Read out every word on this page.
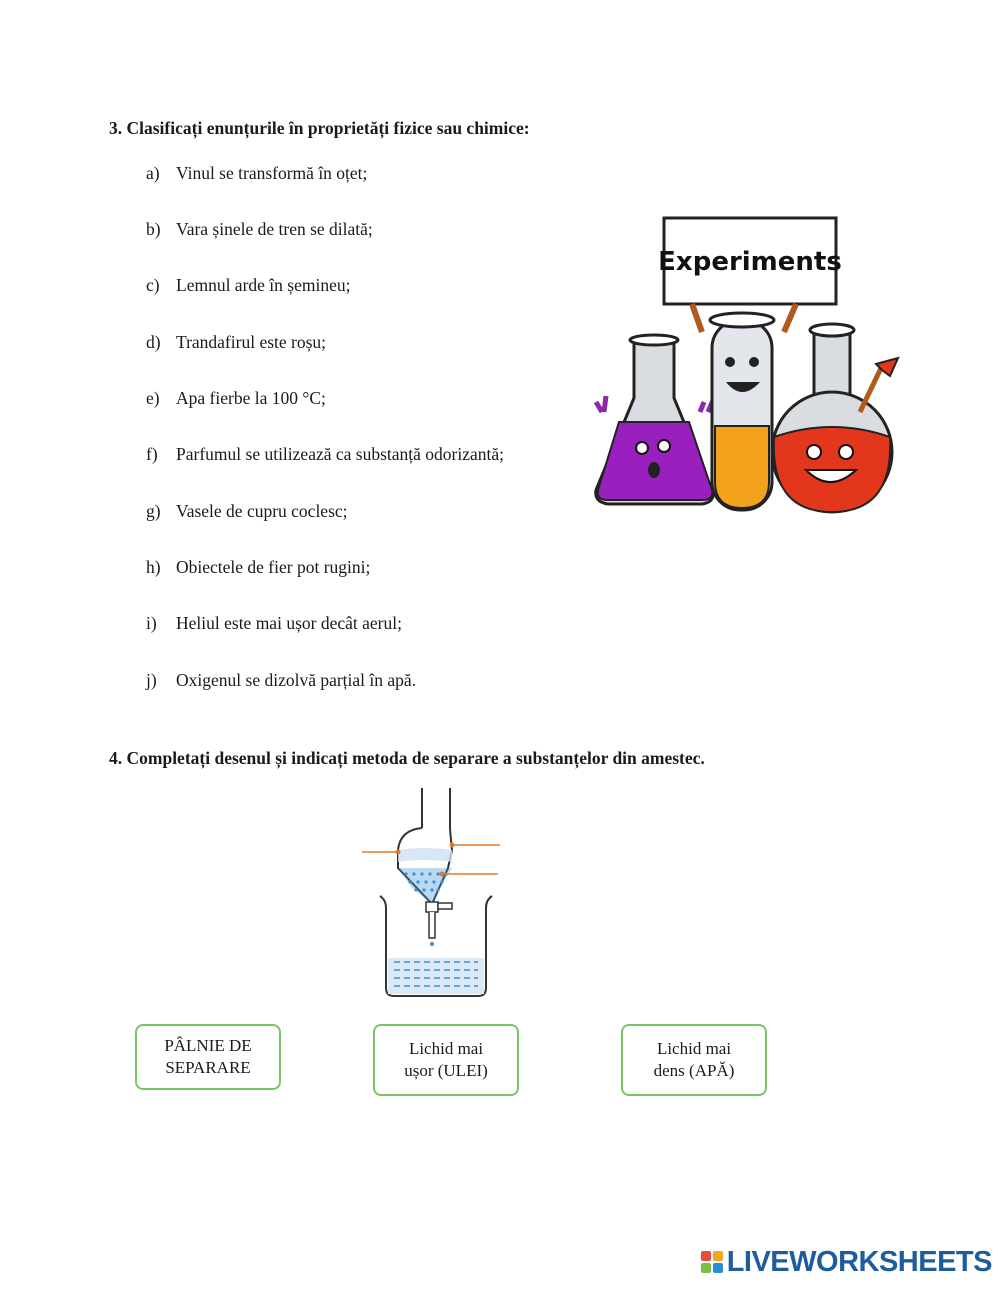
3. Clasificați enunțurile în proprietăți fizice sau chimice:
a) Vinul se transformă în oțet;
b) Vara șinele de tren se dilată;
c) Lemnul arde în șemineu;
d) Trandafirul este roșu;
e) Apa fierbe la 100 °C;
f) Parfumul se utilizează ca substanță odorizantă;
g) Vasele de cupru coclesc;
h) Obiectele de fier pot rugini;
i) Heliul este mai ușor decât aerul;
j) Oxigenul se dizolvă parțial în apă.
Experiments
4. Completați desenul și indicați metoda de separare a substanțelor din amestec.
PÂLNIE DE
SEPARARE
Lichid mai
ușor (ULEI)
Lichid mai
dens (APĂ)
LIVEWORKSHEETS
